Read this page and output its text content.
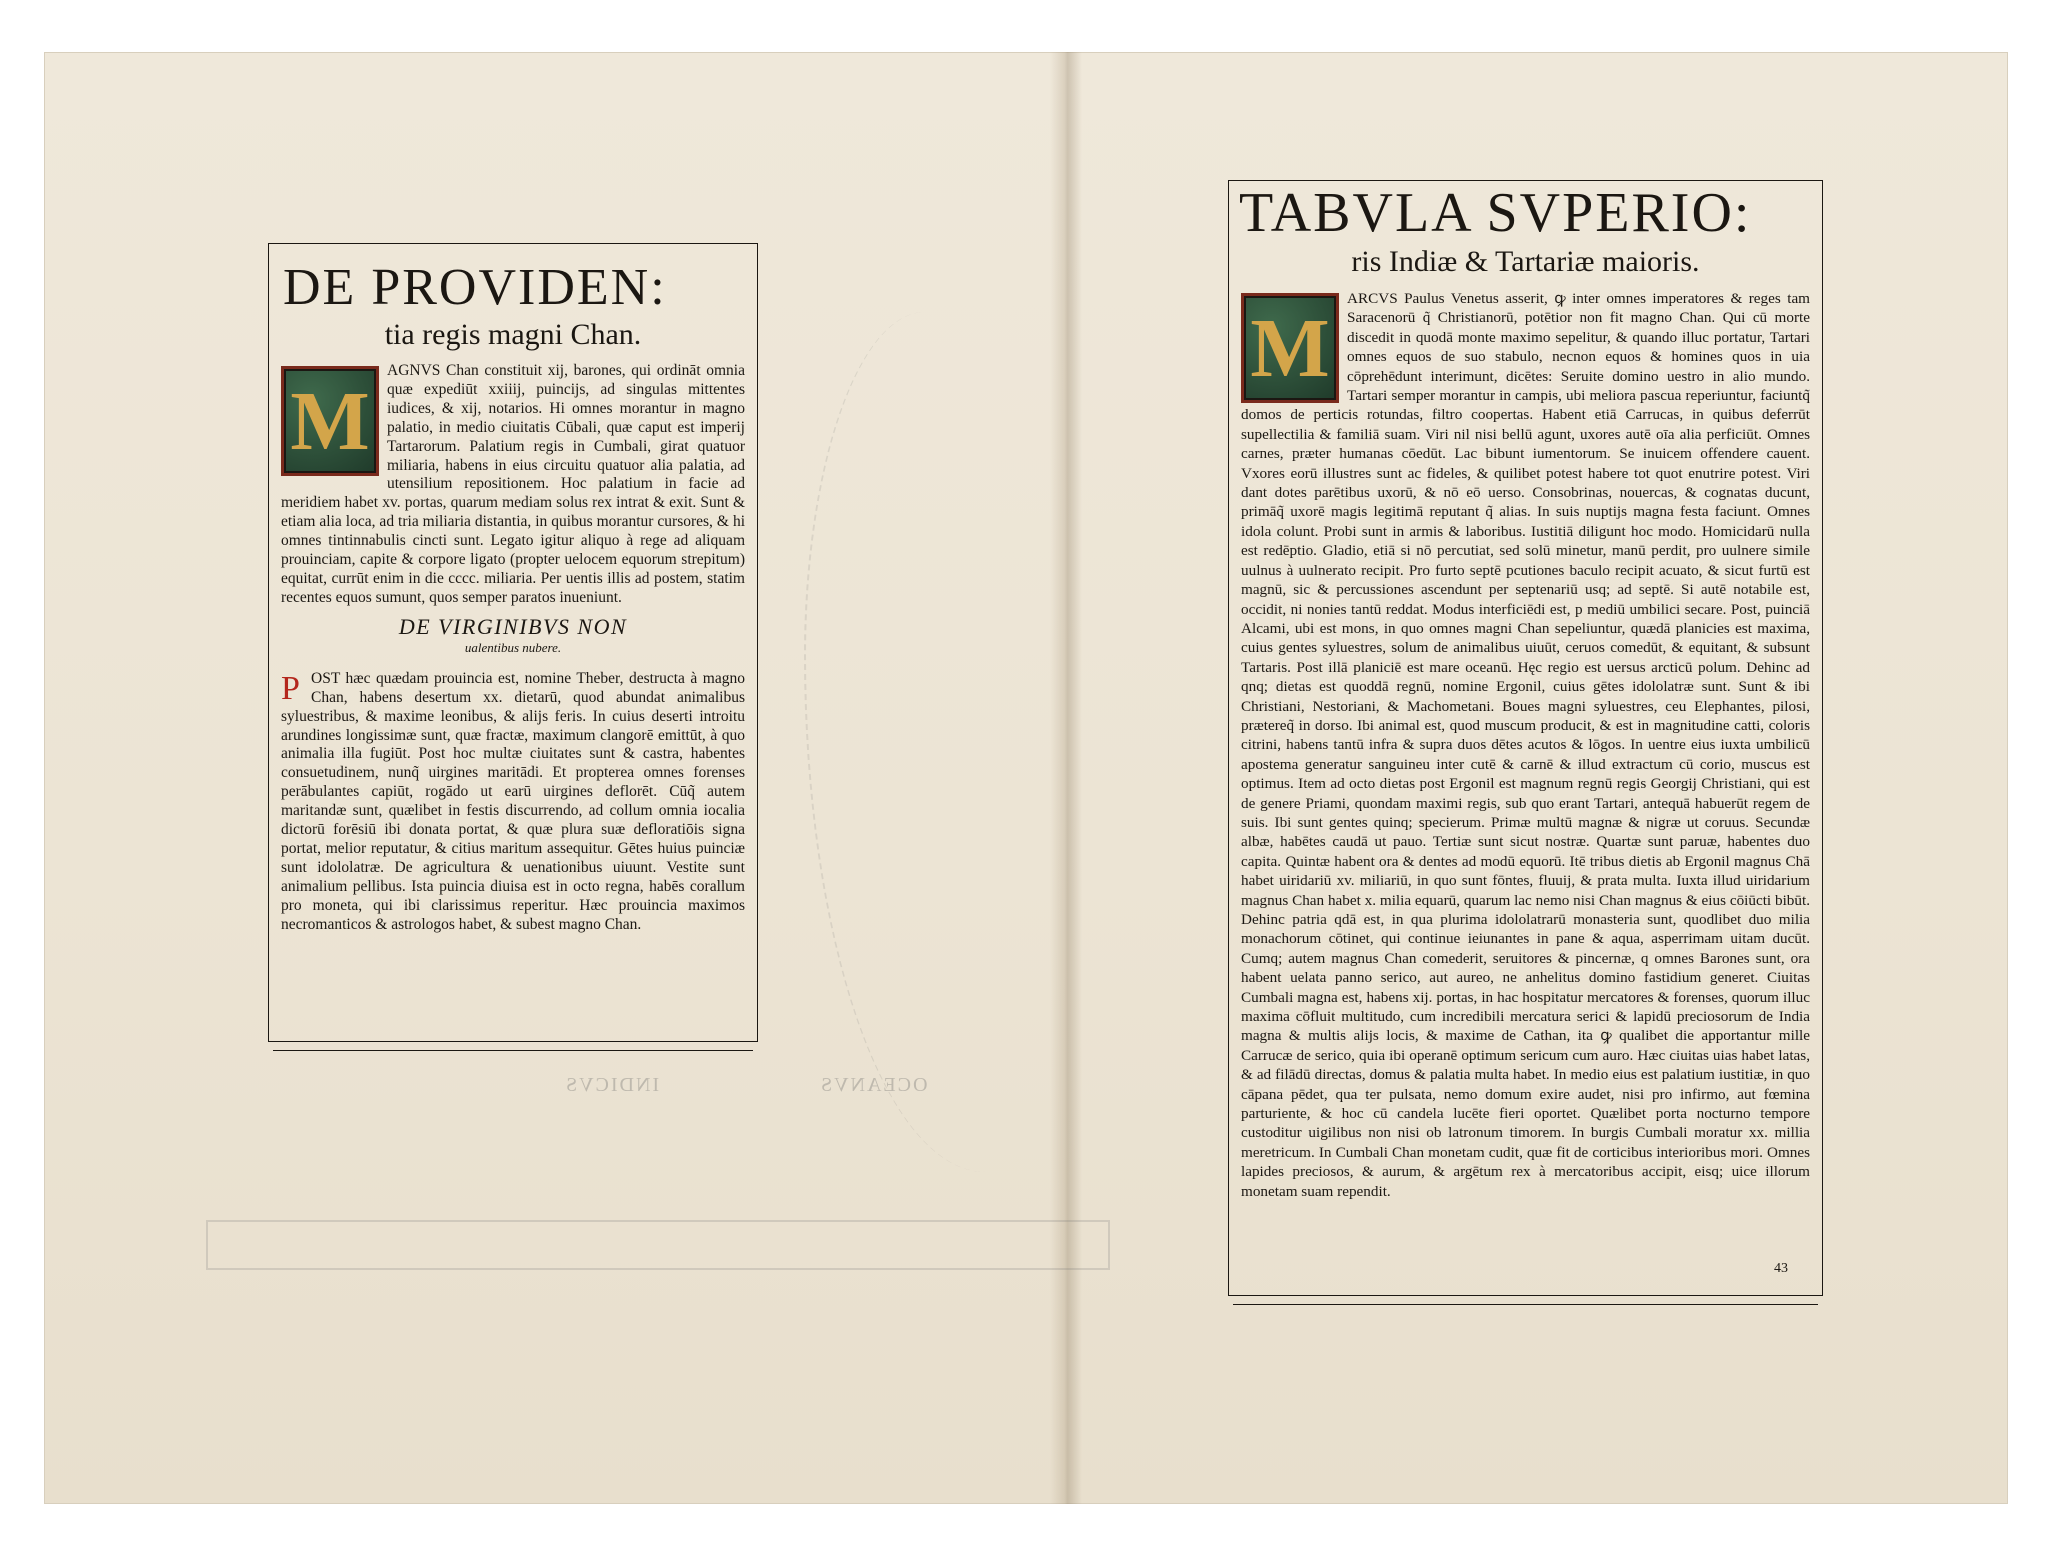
INDICVS	OCEANVS
DE PROVIDEN:
tia regis magni Chan.
M
AGNVS Chan constituit xij, barones, qui ordināt omnia quæ expediūt xxiiij, puincijs, ad singulas mittentes iudices, & xij, notarios. Hi omnes morantur in magno palatio, in medio ciuitatis Cūbali, quæ caput est imperij Tartarorum. Palatium regis in Cumbali, girat quatuor miliaria, habens in eius circuitu quatuor alia palatia, ad utensilium repositionem. Hoc palatium in facie ad meridiem habet xv. portas, quarum mediam solus rex intrat & exit. Sunt & etiam alia loca, ad tria miliaria distantia, in quibus morantur cursores, & hi omnes tintinnabulis cincti sunt. Legato igitur aliquo à rege ad aliquam prouinciam, capite & corpore ligato (propter uelocem equorum strepitum) equitat, currūt enim in die cccc. miliaria. Per uentis illis ad postem, statim recentes equos sumunt, quos semper paratos inueniunt.
DE VIRGINIBVS NON
ualentibus nubere.
P OST hæc quædam prouincia est, nomine Theber, destructa à magno Chan, habens desertum xx. dietarū, quod abundat animalibus syluestribus, & maxime leonibus, & alijs feris. In cuius deserti introitu arundines longissimæ sunt, quæ fractæ, maximum clangorē emittūt, à quo animalia illa fugiūt. Post hoc multæ ciuitates sunt & castra, habentes consuetudinem, nunq̃ uirgines maritādi. Et propterea omnes forenses perābulantes capiūt, rogādo ut earū uirgines deflorēt. Cūq̃ autem maritandæ sunt, quælibet in festis discurrendo, ad collum omnia iocalia dictorū forēsiū ibi donata portat, & quæ plura suæ defloratiōis signa portat, melior reputatur, & citius maritum assequitur. Gētes huius puinciæ sunt idololatræ. De agricultura & uenationibus uiuunt. Vestite sunt animalium pellibus. Ista puincia diuisa est in octo regna, habēs corallum pro moneta, qui ibi clarissimus reperitur. Hæc prouincia maximos necromanticos & astrologos habet, & subest magno Chan.
TABVLA SVPERIO:
ris Indiæ & Tartariæ maioris.
M
ARCVS Paulus Venetus asserit, ꝙ inter omnes imperatores & reges tam Saracenorū q̃ Christianorū, potētior non fit magno Chan. Qui cū morte discedit in quodā monte maximo sepelitur, & quando illuc portatur, Tartari omnes equos de suo stabulo, necnon equos & homines quos in uia cōprehēdunt interimunt, dicētes: Seruite domino uestro in alio mundo. Tartari semper morantur in campis, ubi meliora pascua reperiuntur, faciuntq̃ domos de perticis rotundas, filtro coopertas. Habent etiā Carrucas, in quibus deferrūt supellectilia & familiā suam. Viri nil nisi bellū agunt, uxores autē oīa alia perficiūt. Omnes carnes, præter humanas cōedūt. Lac bibunt iumentorum. Se inuicem offendere cauent. Vxores eorū illustres sunt ac fideles, & quilibet potest habere tot quot enutrire potest. Viri dant dotes parētibus uxorū, & nō eō uerso. Consobrinas, nouercas, & cognatas ducunt, primāq̃ uxorē magis legitimā reputant q̃ alias. In suis nuptijs magna festa faciunt. Omnes idola colunt. Probi sunt in armis & laboribus. Iustitiā diligunt hoc modo. Homicidarū nulla est redēptio. Gladio, etiā si nō percutiat, sed solū minetur, manū perdit, pro uulnere simile uulnus à uulnerato recipit. Pro furto septē pcutiones baculo recipit acuato, & sicut furtū est magnū, sic & percussiones ascendunt per septenariū usq; ad septē. Si autē notabile est, occidit, ni nonies tantū reddat. Modus interficiēdi est, p mediū umbilici secare. Post, puinciā Alcami, ubi est mons, in quo omnes magni Chan sepeliuntur, quædā planicies est maxima, cuius gentes syluestres, solum de animalibus uiuūt, ceruos comedūt, & equitant, & subsunt Tartaris. Post illā planiciē est mare oceanū. Hęc regio est uersus arcticū polum. Dehinc ad qnq; dietas est quoddā regnū, nomine Ergonil, cuius gētes idololatræ sunt. Sunt & ibi Christiani, Nestoriani, & Machometani. Boues magni syluestres, ceu Elephantes, pilosi, prætereq̃ in dorso. Ibi animal est, quod muscum producit, & est in magnitudine catti, coloris citrini, habens tantū infra & supra duos dētes acutos & lōgos. In uentre eius iuxta umbilicū apostema generatur sanguineu inter cutē & carnē & illud extractum cū corio, muscus est optimus. Item ad octo dietas post Ergonil est magnum regnū regis Georgij Christiani, qui est de genere Priami, quondam maximi regis, sub quo erant Tartari, antequā habuerūt regem de suis. Ibi sunt gentes quinq; specierum. Primæ multū magnæ & nigræ ut coruus. Secundæ albæ, habētes caudā ut pauo. Tertiæ sunt sicut nostræ. Quartæ sunt paruæ, habentes duo capita. Quintæ habent ora & dentes ad modū equorū. Itē tribus dietis ab Ergonil magnus Chā habet uiridariū xv. miliariū, in quo sunt fōntes, fluuij, & prata multa. Iuxta illud uiridarium magnus Chan habet x. milia equarū, quarum lac nemo nisi Chan magnus & eius cōiūcti bibūt. Dehinc patria qdā est, in qua plurima idololatrarū monasteria sunt, quodlibet duo milia monachorum cōtinet, qui continue ieiunantes in pane & aqua, asperrimam uitam ducūt. Cumq; autem magnus Chan comederit, seruitores & pincernæ, q omnes Barones sunt, ora habent uelata panno serico, aut aureo, ne anhelitus domino fastidium generet. Ciuitas Cumbali magna est, habens xij. portas, in hac hospitatur mercatores & forenses, quorum illuc maxima cōfluit multitudo, cum incredibili mercatura serici & lapidū preciosorum de India magna & multis alijs locis, & maxime de Cathan, ita ꝙ qualibet die apportantur mille Carrucæ de serico, quia ibi operanē optimum sericum cum auro. Hæc ciuitas uias habet latas, & ad filādū directas, domus & palatia multa habet. In medio eius est palatium iustitiæ, in quo cāpana pēdet, qua ter pulsata, nemo domum exire audet, nisi pro infirmo, aut fœmina parturiente, & hoc cū candela lucēte fieri oportet. Quælibet porta nocturno tempore custoditur uigilibus non nisi ob latronum timorem. In burgis Cumbali moratur xx. millia meretricum. In Cumbali Chan monetam cudit, quæ fit de corticibus interioribus mori. Omnes lapides preciosos, & aurum, & argētum rex à mercatoribus accipit, eisq; uice illorum monetam suam rependit.
43
